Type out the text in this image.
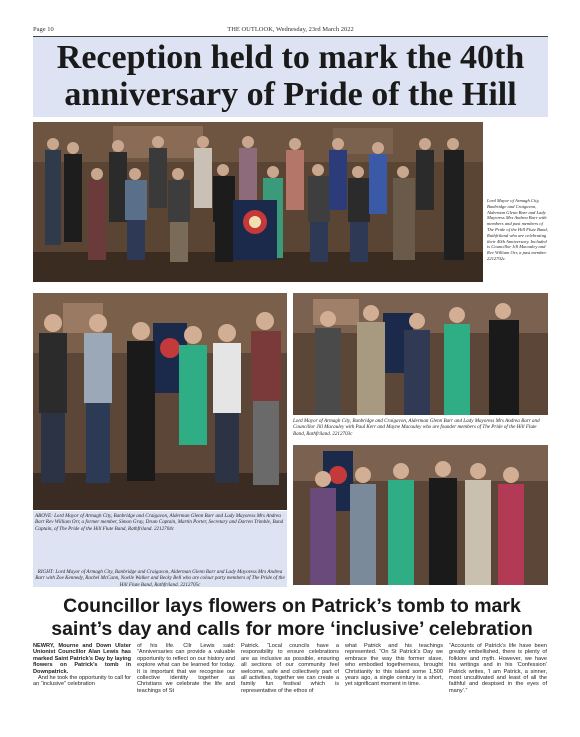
Page 10	THE OUTLOOK, Wednesday, 23rd March 2022
Reception held to mark the 40th
anniversary of Pride of the Hill
Lord Mayor of Armagh City, Banbridge and Craigavon, Alderman Glenn Barr and Lady Mayoress Mrs Andrea Barr with members and past members of The Pride of the Hill Flute Band, Rathfriland who are celebrating their 40th Anniversary. Included is Councillor Jill Macauley and Rev William Orr, a past member. 2212702c
Lord Mayor of Armagh City, Banbridge and Craigavon, Alderman Glenn Barr and Lady Mayoress Mrs Andrea Barr and Councillor Jill Macauley with Paul Kerr and Mayne Macauley who are founder members of The Pride of the Hill Flute Band, Rathfriland. 2212703c
ABOVE: Lord Mayor of Armagh City, Banbridge and Craigavon, Alderman Glenn Barr and Lady Mayoress Mrs Andrea Barr Rev William Orr, a former member, Simon Gray, Drum Captain, Martin Porter, Secretary and Darren Trimble, Band Captain, of The Pride of the Hill Flute Band, Rathfriland. 2212704c
RIGHT: Lord Mayor of Armagh City, Banbridge and Craigavon, Alderman Glenn Barr and Lady Mayoress Mrs Andrea Barr with Zoe Kennedy, Rachel McCann, Noelle Walker and Becky Bell who are colour party members of The Pride of the Hill Flute Band, Rathfriland. 2212705c
Councillor lays flowers on Patrick’s tomb to mark saint’s day and calls for more ‘inclusive’ celebration
NEWRY, Mourne and Down Ulster Unionist Councillor Alan Lewis has marked Saint Patrick’s Day by laying flowers on Patrick’s tomb in Downpatrick.
And he took the opportunity to call for an “inclusive” celebration
of his life. Cllr Lewis said: “Anniversaries can provide a valuable opportunity to reflect on our history and explore what can be learned for today. It is important that we recognise our collective identity together as Christians we celebrate the life and teachings of St
Patrick. “Local councils have a responsibility to ensure celebrations are as inclusive as possible, ensuring all sections of our community feel welcome, safe and collectively part of all activities, together we can create a family fun festival which is representative of the ethos of
what Patrick and his teachings represented. “On St Patrick’s Day we embrace the way this former slave, who embodied togetherness, brought Christianity to this island some 1,500 years ago, a single century is a short, yet significant moment in time.
“Accounts of Patrick’s life have been greatly embellished, there is plenty of folklore and myth. However, we have his writings and in his ‘Confession’ Patrick writes, ‘I am Patrick, a sinner, most uncultivated and least of all the faithful and despised in the eyes of many’.”
